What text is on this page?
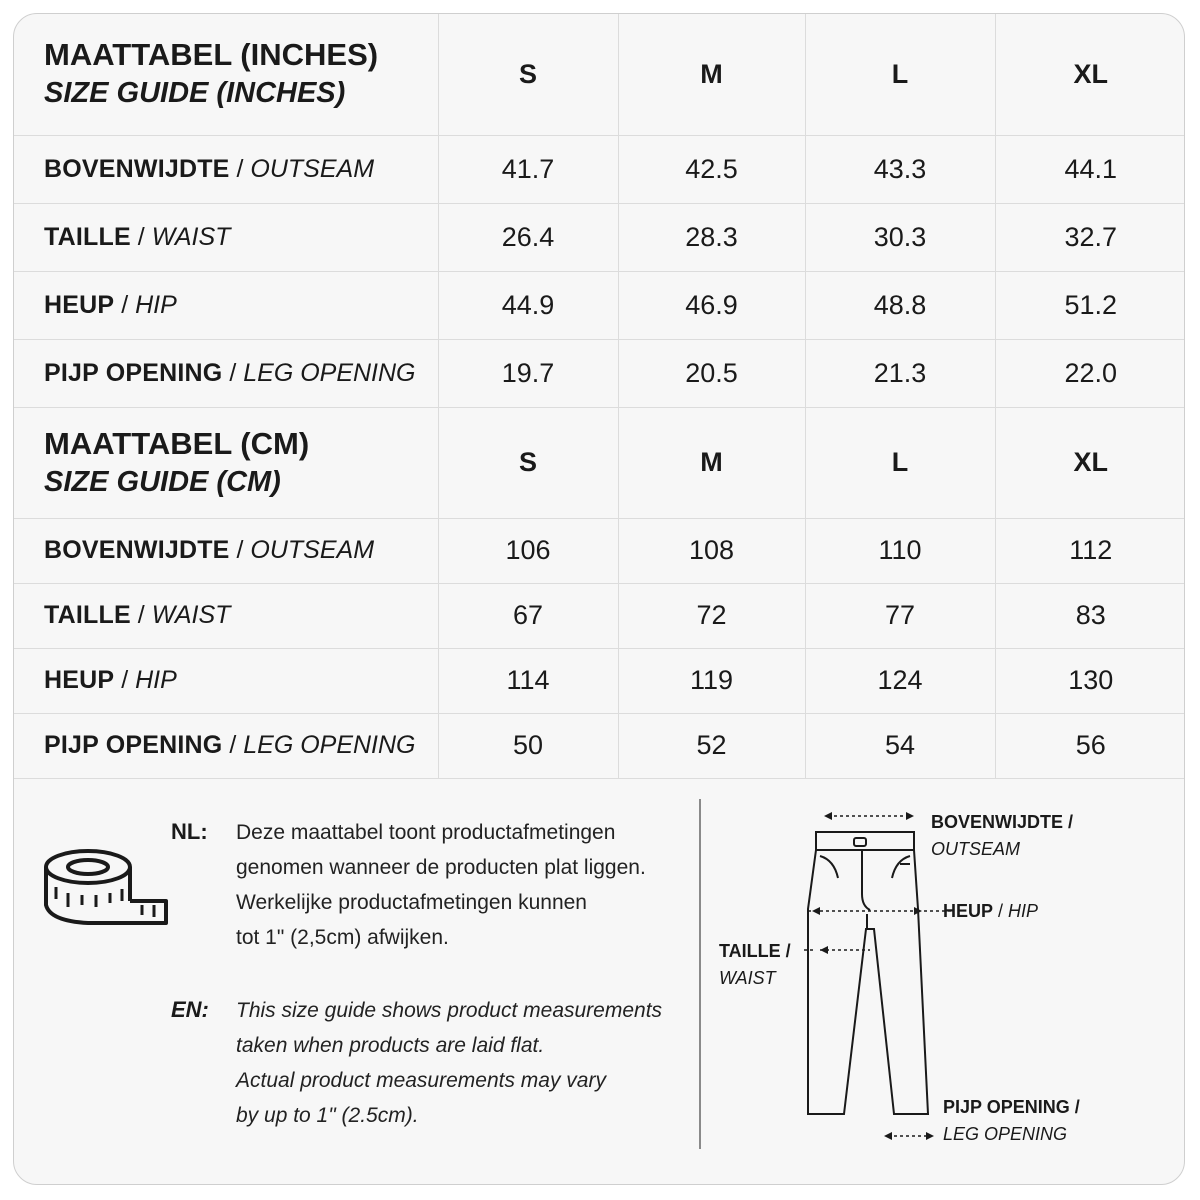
MAATTABEL (INCHES)
SIZE GUIDE (INCHES)	S	M	L	XL
BOVENWIJDTE / OUTSEAM	41.7	42.5	43.3	44.1
TAILLE / WAIST	26.4	28.3	30.3	32.7
HEUP / HIP	44.9	46.9	48.8	51.2
PIJP OPENING / LEG OPENING	19.7	20.5	21.3	22.0

MAATTABEL (CM)
SIZE GUIDE (CM)	S	M	L	XL
BOVENWIJDTE / OUTSEAM	106	108	110	112
TAILLE / WAIST	67	72	77	83
HEUP / HIP	114	119	124	130
PIJP OPENING / LEG OPENING	50	52	54	56
NL: Deze maattabel toont productafmetingen
genomen wanneer de producten plat liggen.
Werkelijke productafmetingen kunnen
tot 1" (2,5cm) afwijken.
EN: This size guide shows product measurements
taken when products are laid flat.
Actual product measurements may vary
by up to 1" (2.5cm).
BOVENWIJDTE /
OUTSEAM
HEUP / HIP
TAILLE /
WAIST
PIJP OPENING /
LEG OPENING
